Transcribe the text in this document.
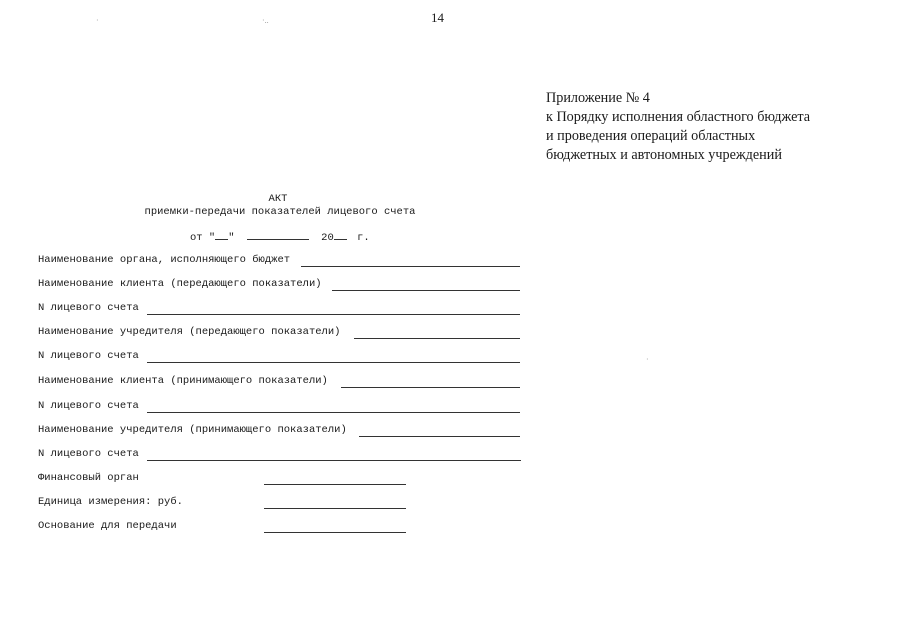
14
·	·..
·
Приложение № 4
к Порядку исполнения областного бюджета
и проведения операций областных
бюджетных и автономных учреждений
АКТ
приемки-передачи показателей лицевого счета
от " "	20 г.
Наименование органа, исполняющего бюджет
Наименование клиента (передающего показатели)
N лицевого счета
Наименование учредителя (передающего показатели)
N лицевого счета
Наименование клиента (принимающего показатели)
N лицевого счета
Наименование учредителя (принимающего показатели)
N лицевого счета
Финансовый орган
Единица измерения: руб.
Основание для передачи
